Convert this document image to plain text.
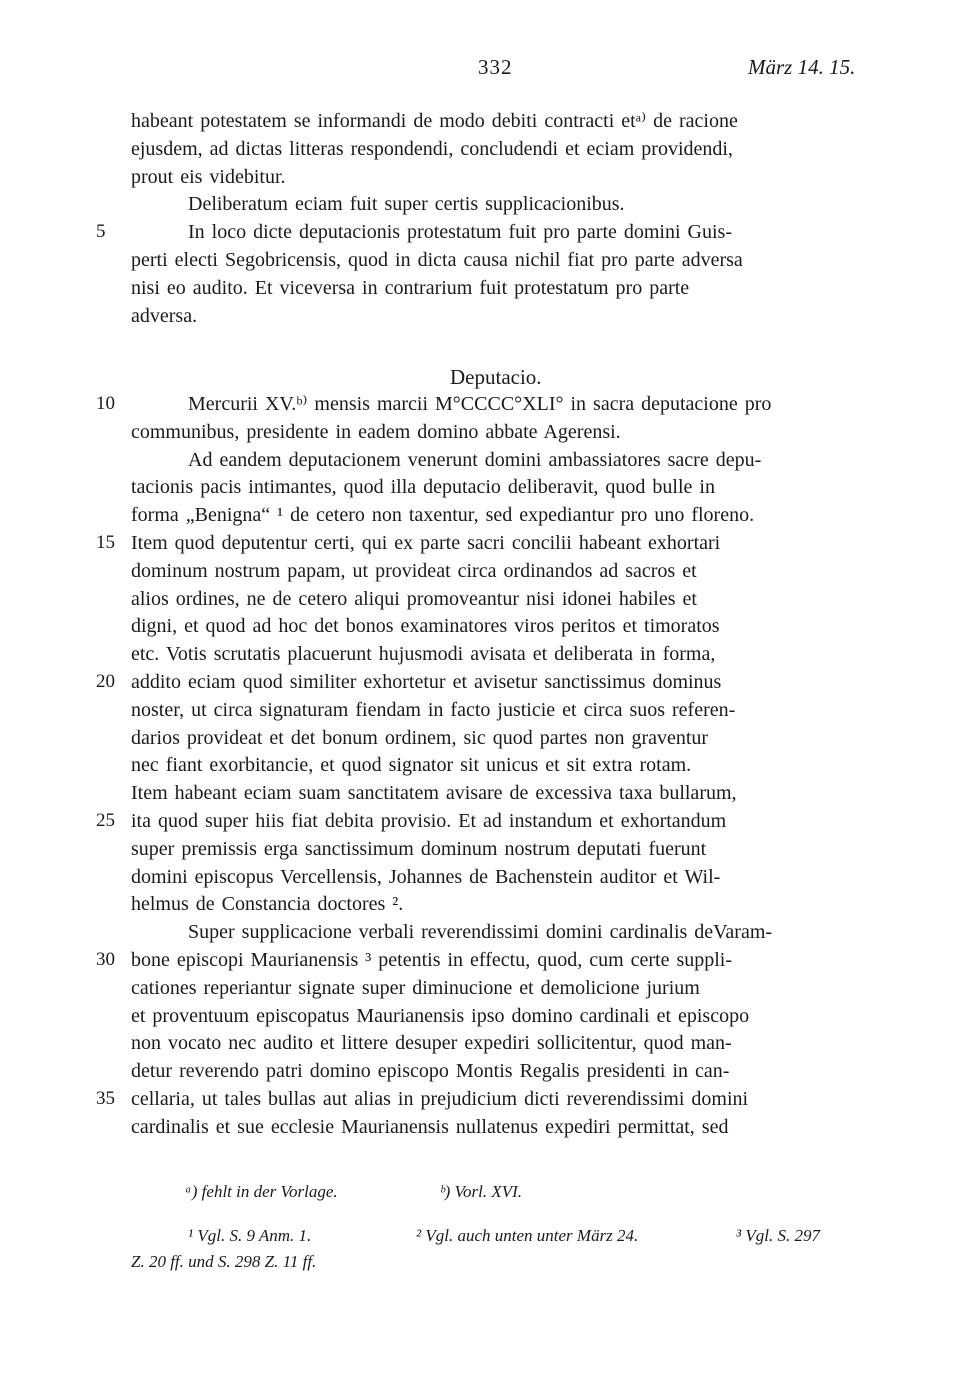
332	März 14. 15.
habeant potestatem se informandi de modo debiti contracti etᵃ⁾ de racione
ejusdem, ad dictas litteras respondendi, concludendi et eciam providendi,
prout eis videbitur.
Deliberatum eciam fuit super certis supplicacionibus.
5	In loco dicte deputacionis protestatum fuit pro parte domini Guis-
perti electi Segobricensis, quod in dicta causa nichil fiat pro parte adversa
nisi eo audito. Et viceversa in contrarium fuit protestatum pro parte
adversa.
Deputacio.
10	Mercurii XV.ᵇ⁾ mensis marcii M°CCCC°XLI° in sacra deputacione pro
communibus, presidente in eadem domino abbate Agerensi.
Ad eandem deputacionem venerunt domini ambassiatores sacre depu-
tacionis pacis intimantes, quod illa deputacio deliberavit, quod bulle in
forma „Benigna“ ¹ de cetero non taxentur, sed expediantur pro uno floreno.
15 Item quod deputentur certi, qui ex parte sacri concilii habeant exhortari
dominum nostrum papam, ut provideat circa ordinandos ad sacros et
alios ordines, ne de cetero aliqui promoveantur nisi idonei habiles et
digni, et quod ad hoc det bonos examinatores viros peritos et timoratos
etc. Votis scrutatis placuerunt hujusmodi avisata et deliberata in forma,
20 addito eciam quod similiter exhortetur et avisetur sanctissimus dominus
noster, ut circa signaturam fiendam in facto justicie et circa suos referen-
darios provideat et det bonum ordinem, sic quod partes non graventur
nec fiant exorbitancie, et quod signator sit unicus et sit extra rotam.
Item habeant eciam suam sanctitatem avisare de excessiva taxa bullarum,
25 ita quod super hiis fiat debita provisio. Et ad instandum et exhortandum
super premissis erga sanctissimum dominum nostrum deputati fuerunt
domini episcopus Vercellensis, Johannes de Bachenstein auditor et Wil-
helmus de Constancia doctores ².
Super supplicacione verbali reverendissimi domini cardinalis deVaram-
30 bone episcopi Maurianensis ³ petentis in effectu, quod, cum certe suppli-
cationes reperiantur signate super diminucione et demolicione jurium
et proventuum episcopatus Maurianensis ipso domino cardinali et episcopo
non vocato nec audito et littere desuper expediri sollicitentur, quod man-
detur reverendo patri domino episcopo Montis Regalis presidenti in can-
35 cellaria, ut tales bullas aut alias in prejudicium dicti reverendissimi domini
cardinalis et sue ecclesie Maurianensis nullatenus expediri permittat, sed
ᵃ) fehlt in der Vorlage.	ᵇ) Vorl. XVI.
¹ Vgl. S. 9 Anm. 1.	² Vgl. auch unten unter März 24.	³ Vgl. S. 297
Z. 20 ff. und S. 298 Z. 11 ff.
